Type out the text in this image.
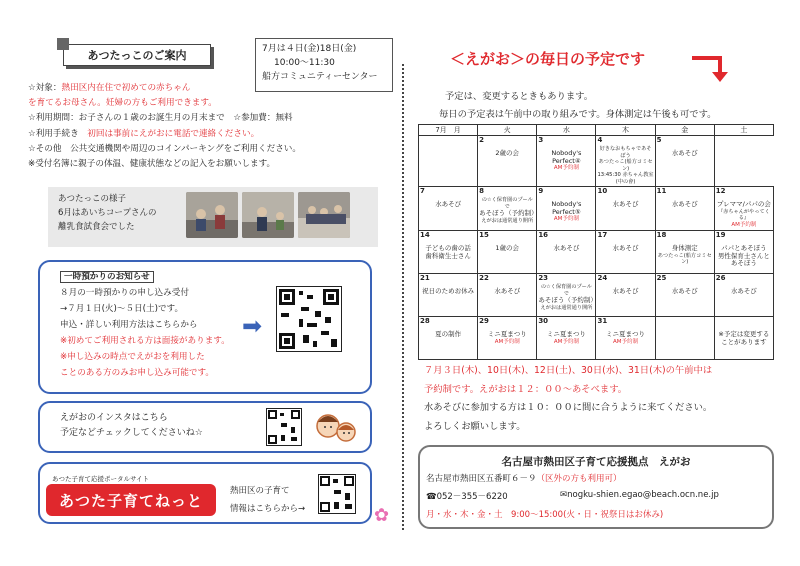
あつたっこのご案内	7月は４日(金)18日(金)
10:00～11:30
船方コミュニティーセンター
☆対象：熱田区内在住で初めての赤ちゃん
を育てるお母さん。妊婦の方もご利用できます。
☆利用期間：お子さんの１歳のお誕生月の月末まで　☆参加費：無料
☆利用手続き　初回は事前にえがおに電話で連絡ください。
☆その他　公共交通機関や周辺のコインパーキングをご利用ください。
※受付名簿に親子の体温、健康状態などの記入をお願いします。
あつたっこの様子
6月はあいちコープさんの
離乳食試食会でした
一時預かりのお知らせ
８月の一時預かりの申し込み受付
→７月１日(火)～５日(土)です。
申込・詳しい利用方法はこちらから
※初めてご利用される方は面接があります。
※申し込みの時点でえがおを利用した
ことのある方のみお申し込み可能です。
➡
えがおのインスタはこちら
予定などチェックしてくださいね☆
あつた子育て応援ポータルサイト
あつた子育てねっと
熱田区の子育て
情報はこちらから→	✿
＜えがお＞の毎日の予定です
予定は、変更するときもあります。
毎日の予定表は午前中の取り組みです。身体測定は午後も可です。
7月　月	火	水	木	金	土

	2
2歳の会	3
Nobody's
Perfect④
AM予約制	4
好きなおもちゃであそぼう
あつたっこ(船方コミセン)
13:45:30 赤ちゃん教室(中の會)	5
水あそび	

7
水あそび	8
の☆く保育園のプールで
あそぼう（予約制）
えがおは通常通り開所	9
Nobody's
Perfect⑤
AM予約制	10
水あそび	11
水あそび	12
プレママ/パパの会
『赤ちゃんがやってくる』
AM予約制

14
子どもの歯の話
歯科衛生士さん	15
1歳の会	16
水あそび	17
水あそび	18
身体測定
あつたっこ(船方コミセン)	19
パパとあそぼう
男性保育士さんと
あそぼう

21
祝日のためお休み	22
水あそび	23
の☆く保育園のプールで
あそぼう（予約制）
えがおは通常通り開所	24
水あそび	25
水あそび	26
水あそび

28
夏の制作	29
ミニ夏まつり
AM予約制	30
ミニ夏まつり
AM予約制	31
ミニ夏まつり
AM予約制		※予定は変更する
ことがあります
７月３日(木)、10日(木)、12日(土)、30日(水)、31日(木)の午前中は
予約制です。えがおは１２：００～あそべます。
水あそびに参加する方は１０：００に間に合うように来てください。
よろしくお願いします。
名古屋市熱田区子育て応援拠点　えがお
名古屋市熱田区五番町６－９（区外の方も利用可）
☎052－355－6220	✉nogku-shien.egao@beach.ocn.ne.jp
月・水・木・金・土　9:00～15:00(火・日・祝祭日はお休み)
